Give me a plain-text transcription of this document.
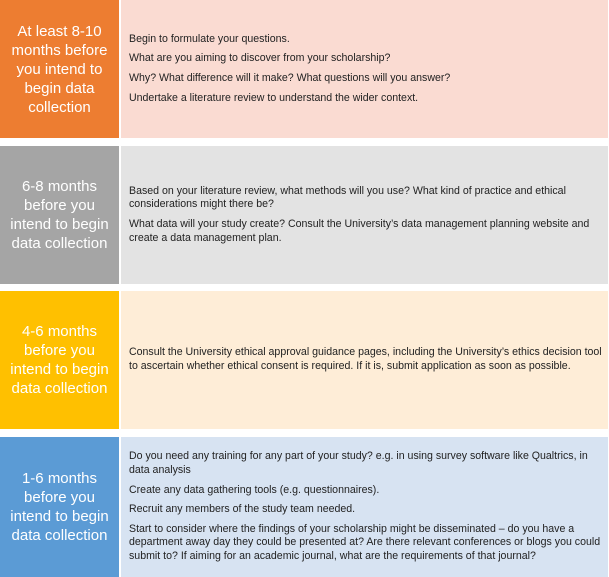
At least 8-10 months before you intend to begin data collection

Begin to formulate your questions.

What are you aiming to discover from your scholarship?

Why? What difference will it make? What questions will you answer?

Undertake a literature review to understand the wider context.

6-8 months before you intend to begin data collection

Based on your literature review, what methods will you use? What kind of practice and ethical considerations might there be?

What data will your study create? Consult the University’s data management planning website and create a data management plan.

4-6 months before you intend to begin data collection

Consult the University ethical approval guidance pages, including the University’s ethics decision tool to ascertain whether ethical consent is required. If it is, submit application as soon as possible.

1-6 months before you intend to begin data collection

Do you need any training for any part of your study? e.g. in using survey software like Qualtrics, in data analysis

Create any data gathering tools (e.g. questionnaires).

Recruit any members of the study team needed.

Start to consider where the findings of your scholarship might be disseminated – do you have a department away day they could be presented at? Are there relevant conferences or blogs you could submit to? If aiming for an academic journal, what are the requirements of that journal?
